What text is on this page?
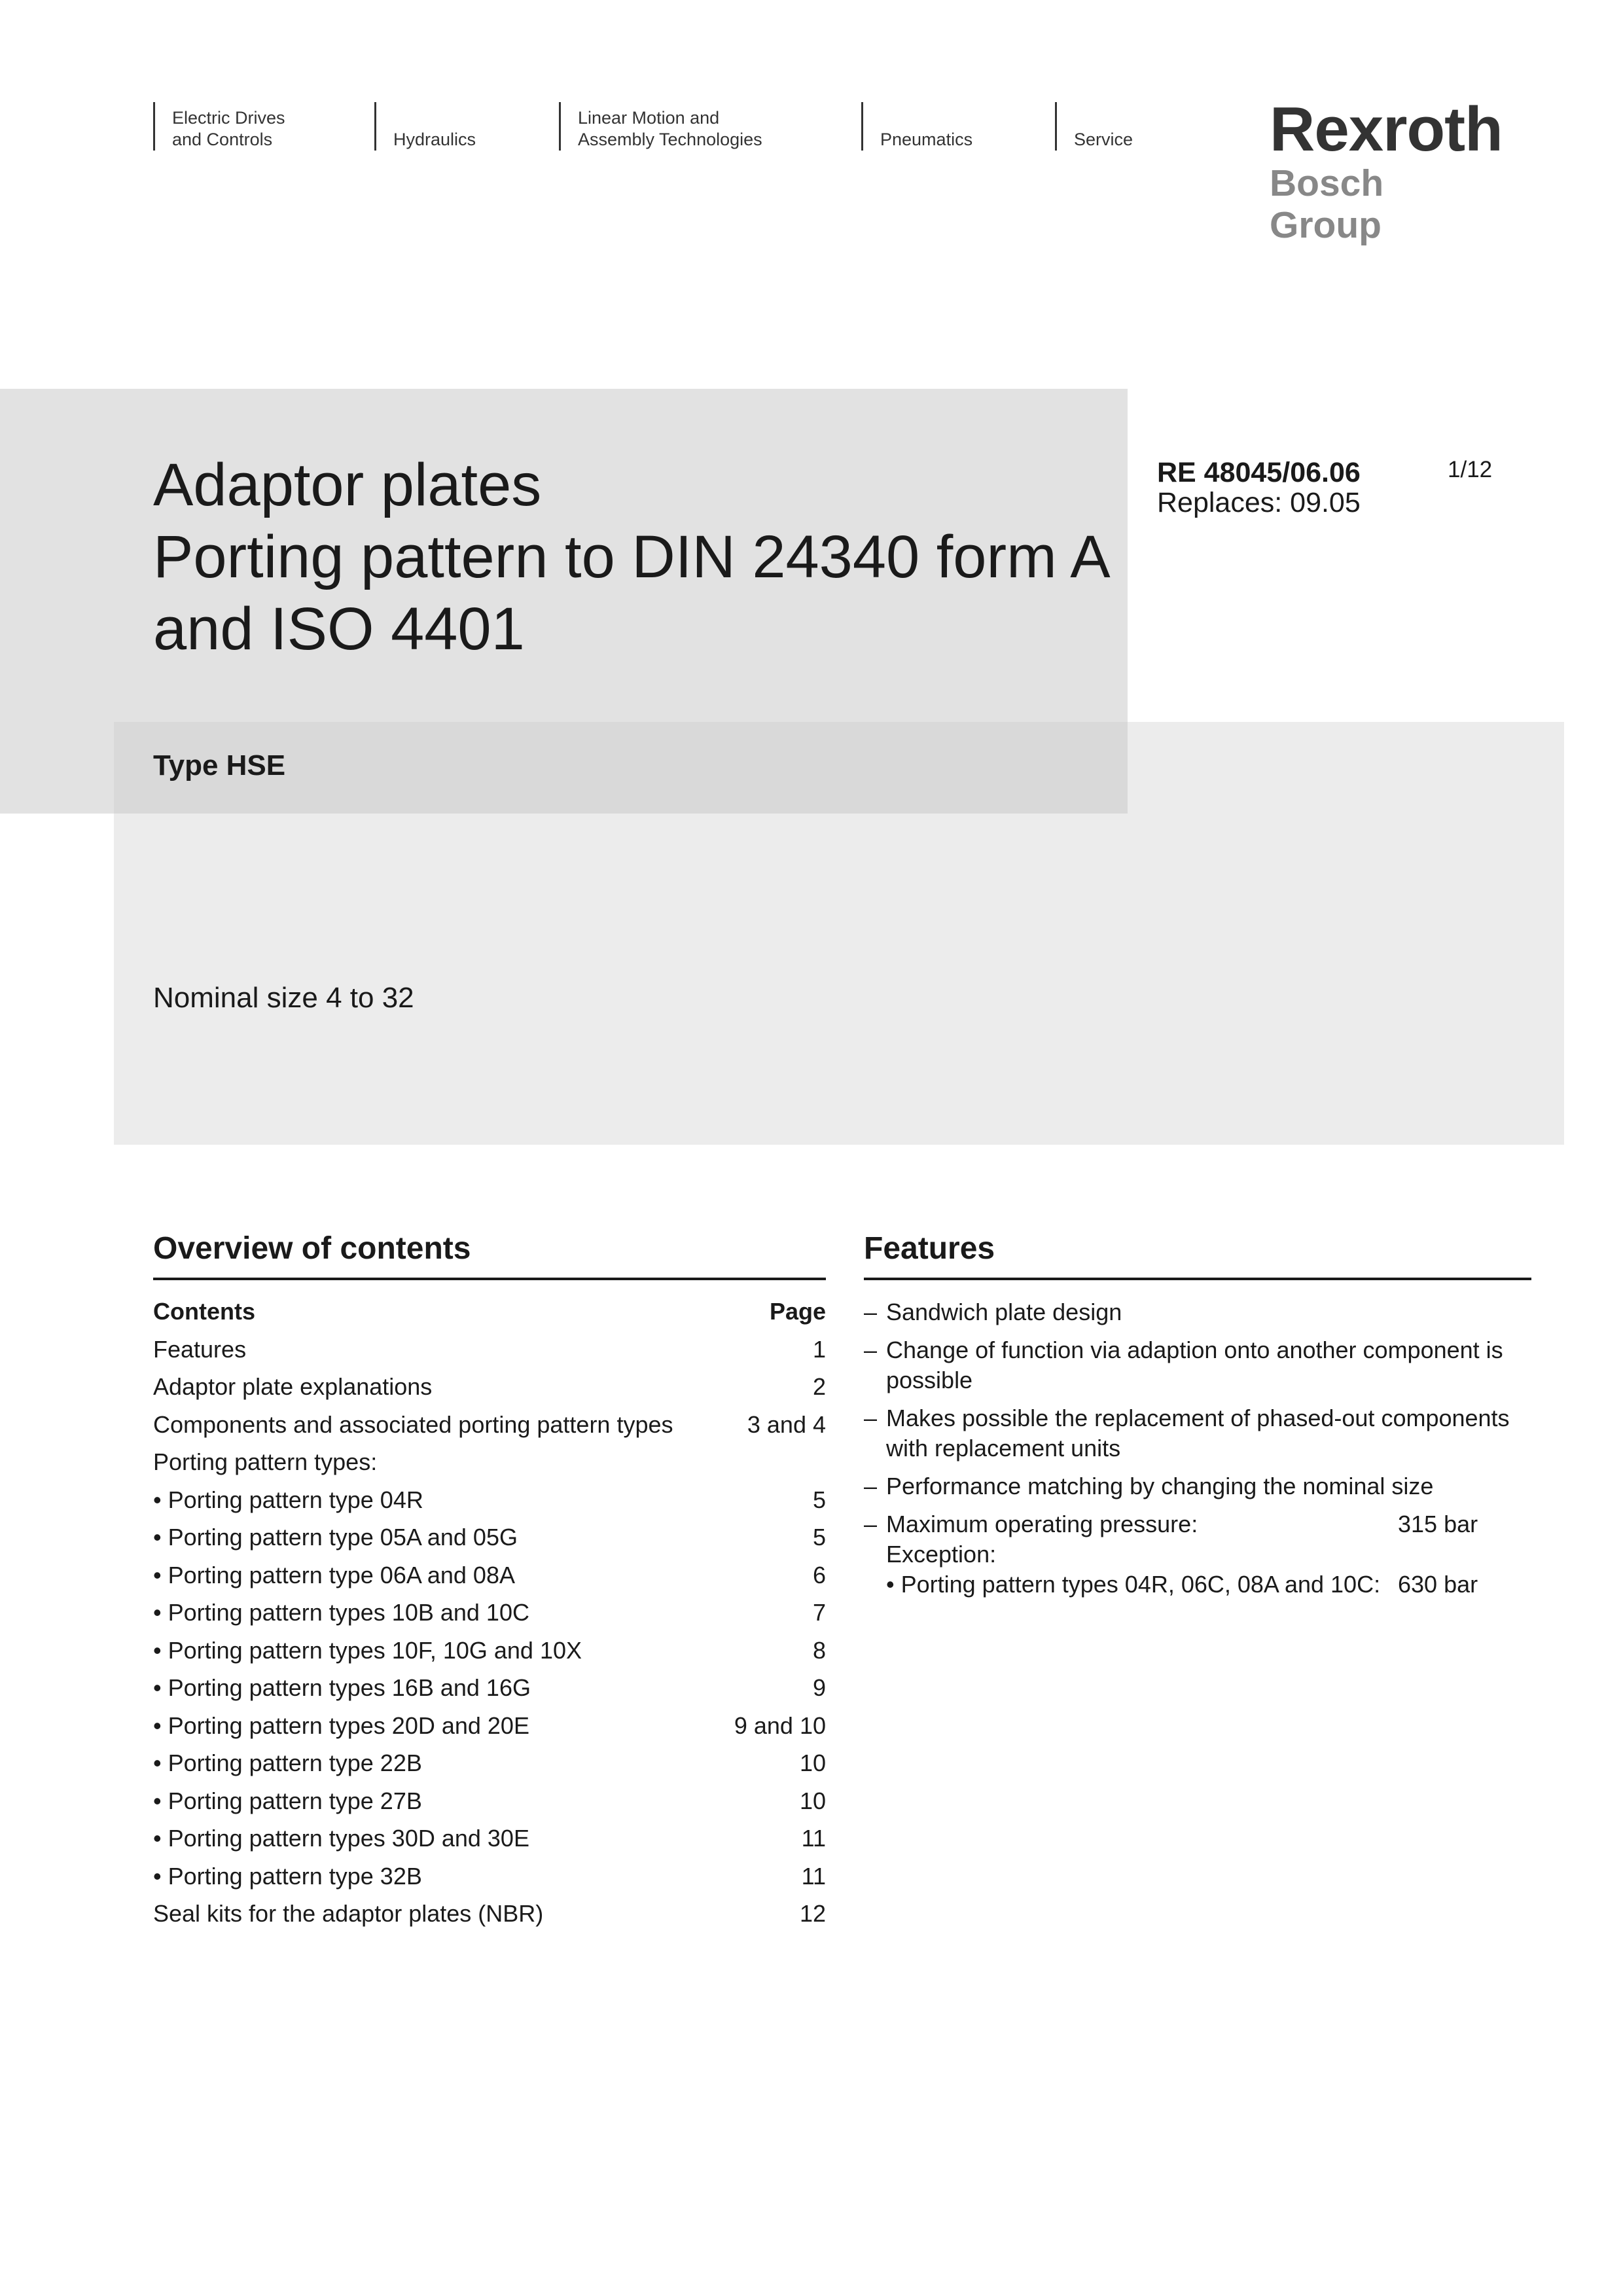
Electric Drives
and Controls	Hydraulics
Linear Motion and
Assembly Technologies	Pneumatics	Service Rexroth
Bosch Group
Adaptor plates
Porting pattern to DIN 24340 form A
and ISO 4401
Type HSE
Nominal size 4 to 32
RE 48045/06.06
Replaces: 09.05
1/12
Overview of contents
Contents	Page
Features	1
Adaptor plate explanations	2
Components and associated porting pattern types	3 and 4
Porting pattern types:
• Porting pattern type 04R	5
• Porting pattern type 05A and 05G	5
• Porting pattern type 06A and 08A	6
• Porting pattern types 10B and 10C	7
• Porting pattern types 10F, 10G and 10X	8
• Porting pattern types 16B and 16G	9
• Porting pattern types 20D and 20E	9 and 10
• Porting pattern type 22B	10
• Porting pattern type 27B	10
• Porting pattern types 30D and 30E	11
• Porting pattern type 32B	11
Seal kits for the adaptor plates (NBR)	12
Features
– Sandwich plate design
– Change of function via adaption onto another component is
possible
– Makes possible the replacement of phased-out components
with replacement units
– Performance matching by changing the nominal size
– Maximum operating pressure:	315 bar
Exception:
• Porting pattern types 04R, 06C, 08A and 10C: 630 bar
